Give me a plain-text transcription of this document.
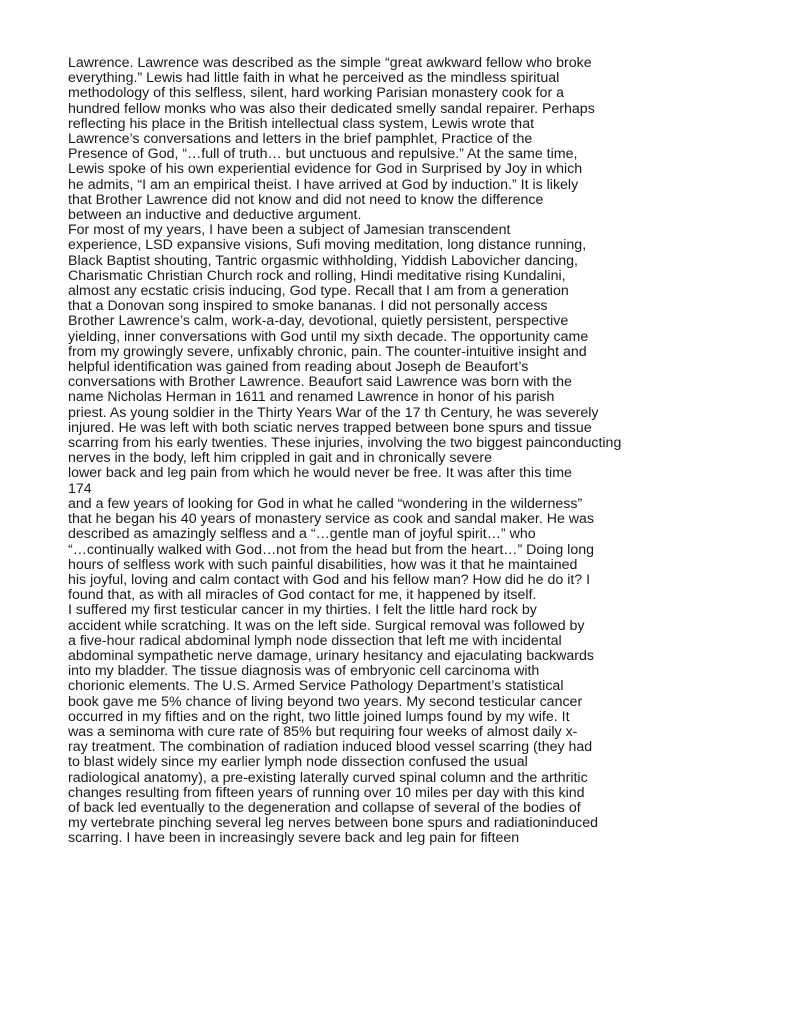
Lawrence. Lawrence was described as the simple “great awkward fellow who broke
everything.” Lewis had little faith in what he perceived as the mindless spiritual
methodology of this selfless, silent, hard working Parisian monastery cook for a
hundred fellow monks who was also their dedicated smelly sandal repairer. Perhaps
reflecting his place in the British intellectual class system, Lewis wrote that
Lawrence’s conversations and letters in the brief pamphlet, Practice of the
Presence of God, “…full of truth… but unctuous and repulsive.” At the same time,
Lewis spoke of his own experiential evidence for God in Surprised by Joy in which
he admits, “I am an empirical theist. I have arrived at God by induction.” It is likely
that Brother Lawrence did not know and did not need to know the difference
between an inductive and deductive argument.
For most of my years, I have been a subject of Jamesian transcendent
experience, LSD expansive visions, Sufi moving meditation, long distance running,
Black Baptist shouting, Tantric orgasmic withholding, Yiddish Labovicher dancing,
Charismatic Christian Church rock and rolling, Hindi meditative rising Kundalini,
almost any ecstatic crisis inducing, God type. Recall that I am from a generation
that a Donovan song inspired to smoke bananas. I did not personally access
Brother Lawrence’s calm, work-a-day, devotional, quietly persistent, perspective
yielding, inner conversations with God until my sixth decade. The opportunity came
from my growingly severe, unfixably chronic, pain. The counter-intuitive insight and
helpful identification was gained from reading about Joseph de Beaufort’s
conversations with Brother Lawrence. Beaufort said Lawrence was born with the
name Nicholas Herman in 1611 and renamed Lawrence in honor of his parish
priest. As young soldier in the Thirty Years War of the 17 th Century, he was severely
injured. He was left with both sciatic nerves trapped between bone spurs and tissue
scarring from his early twenties. These injuries, involving the two biggest painconducting
nerves in the body, left him crippled in gait and in chronically severe
lower back and leg pain from which he would never be free. It was after this time
174
and a few years of looking for God in what he called “wondering in the wilderness”
that he began his 40 years of monastery service as cook and sandal maker. He was
described as amazingly selfless and a “…gentle man of joyful spirit…” who
“…continually walked with God…not from the head but from the heart…” Doing long
hours of selfless work with such painful disabilities, how was it that he maintained
his joyful, loving and calm contact with God and his fellow man? How did he do it? I
found that, as with all miracles of God contact for me, it happened by itself.
I suffered my first testicular cancer in my thirties. I felt the little hard rock by
accident while scratching. It was on the left side. Surgical removal was followed by
a five-hour radical abdominal lymph node dissection that left me with incidental
abdominal sympathetic nerve damage, urinary hesitancy and ejaculating backwards
into my bladder. The tissue diagnosis was of embryonic cell carcinoma with
chorionic elements. The U.S. Armed Service Pathology Department’s statistical
book gave me 5% chance of living beyond two years. My second testicular cancer
occurred in my fifties and on the right, two little joined lumps found by my wife. It
was a seminoma with cure rate of 85% but requiring four weeks of almost daily x-
ray treatment. The combination of radiation induced blood vessel scarring (they had
to blast widely since my earlier lymph node dissection confused the usual
radiological anatomy), a pre-existing laterally curved spinal column and the arthritic
changes resulting from fifteen years of running over 10 miles per day with this kind
of back led eventually to the degeneration and collapse of several of the bodies of
my vertebrate pinching several leg nerves between bone spurs and radiationinduced
scarring. I have been in increasingly severe back and leg pain for fifteen
